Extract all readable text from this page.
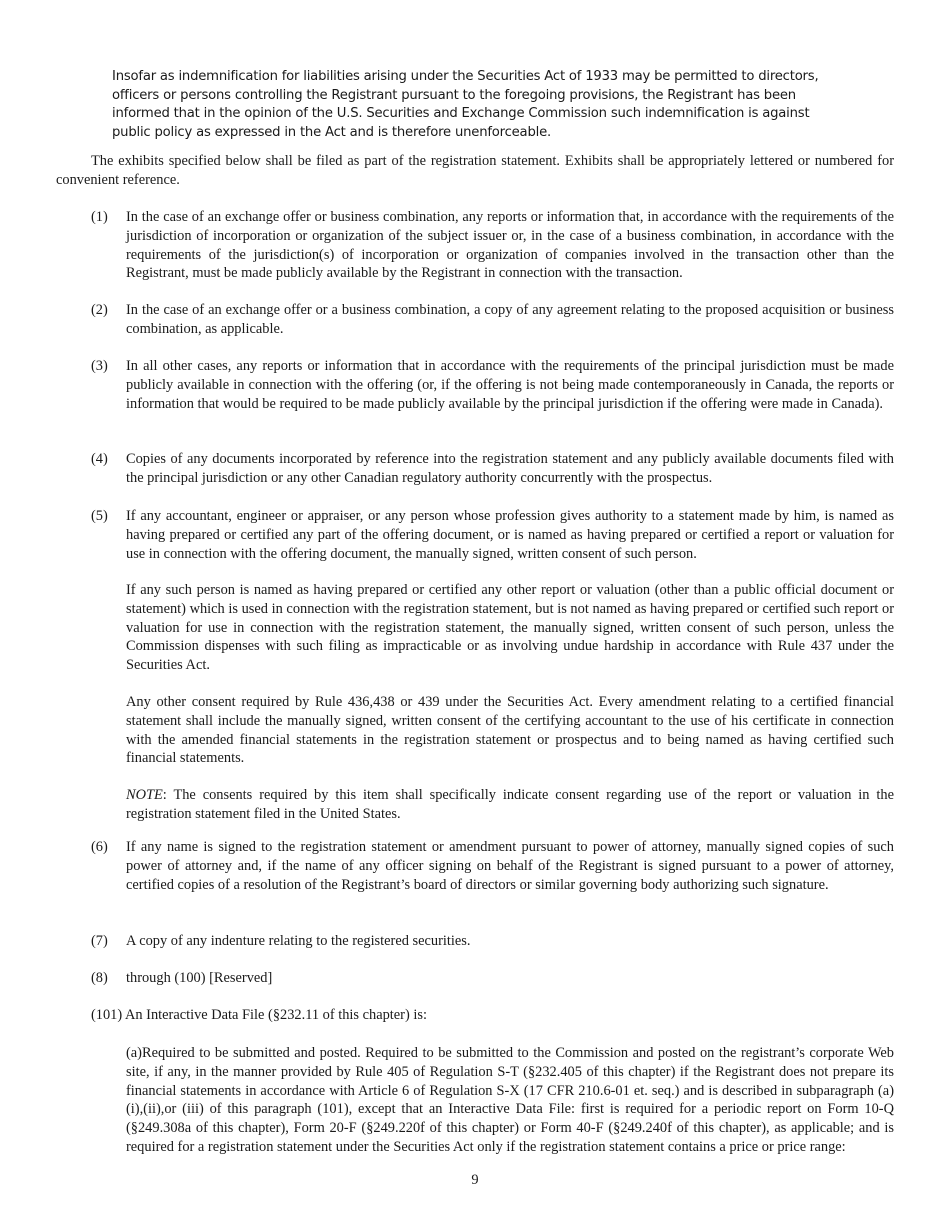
Insofar as indemnification for liabilities arising under the Securities Act of 1933 may be permitted to directors, officers or persons controlling the Registrant pursuant to the foregoing provisions, the Registrant has been informed that in the opinion of the U.S. Securities and Exchange Commission such indemnification is against public policy as expressed in the Act and is therefore unenforceable.

The exhibits specified below shall be filed as part of the registration statement. Exhibits shall be appropriately lettered or numbered for convenient reference.

(1) In the case of an exchange offer or business combination, any reports or information that, in accordance with the requirements of the jurisdiction of incorporation or organization of the subject issuer or, in the case of a business combination, in accordance with the requirements of the jurisdiction(s) of incorporation or organization of companies involved in the transaction other than the Registrant, must be made publicly available by the Registrant in connection with the transaction.

(2) In the case of an exchange offer or a business combination, a copy of any agreement relating to the proposed acquisition or business combination, as applicable.

(3) In all other cases, any reports or information that in accordance with the requirements of the principal jurisdiction must be made publicly available in connection with the offering (or, if the offering is not being made contemporaneously in Canada, the reports or information that would be required to be made publicly available by the principal jurisdiction if the offering were made in Canada).

(4) Copies of any documents incorporated by reference into the registration statement and any publicly available documents filed with the principal jurisdiction or any other Canadian regulatory authority concurrently with the prospectus.

(5) If any accountant, engineer or appraiser, or any person whose profession gives authority to a statement made by him, is named as having prepared or certified any part of the offering document, or is named as having prepared or certified a report or valuation for use in connection with the offering document, the manually signed, written consent of such person.

If any such person is named as having prepared or certified any other report or valuation (other than a public official document or statement) which is used in connection with the registration statement, but is not named as having prepared or certified such report or valuation for use in connection with the registration statement, the manually signed, written consent of such person, unless the Commission dispenses with such filing as impracticable or as involving undue hardship in accordance with Rule 437 under the Securities Act.

Any other consent required by Rule 436,438 or 439 under the Securities Act. Every amendment relating to a certified financial statement shall include the manually signed, written consent of the certifying accountant to the use of his certificate in connection with the amended financial statements in the registration statement or prospectus and to being named as having certified such financial statements.

NOTE: The consents required by this item shall specifically indicate consent regarding use of the report or valuation in the registration statement filed in the United States.

(6) If any name is signed to the registration statement or amendment pursuant to power of attorney, manually signed copies of such power of attorney and, if the name of any officer signing on behalf of the Registrant is signed pursuant to a power of attorney, certified copies of a resolution of the Registrant’s board of directors or similar governing body authorizing such signature.

(7) A copy of any indenture relating to the registered securities.

(8) through (100) [Reserved]

(101) An Interactive Data File (§232.11 of this chapter) is:

(a)Required to be submitted and posted. Required to be submitted to the Commission and posted on the registrant’s corporate Web site, if any, in the manner provided by Rule 405 of Regulation S-T (§232.405 of this chapter) if the Registrant does not prepare its financial statements in accordance with Article 6 of Regulation S-X (17 CFR 210.6-01 et. seq.) and is described in subparagraph (a)(i),(ii),or (iii) of this paragraph (101), except that an Interactive Data File: first is required for a periodic report on Form 10-Q (§249.308a of this chapter), Form 20-F (§249.220f of this chapter) or Form 40-F (§249.240f of this chapter), as applicable; and is required for a registration statement under the Securities Act only if the registration statement contains a price or price range:

9
